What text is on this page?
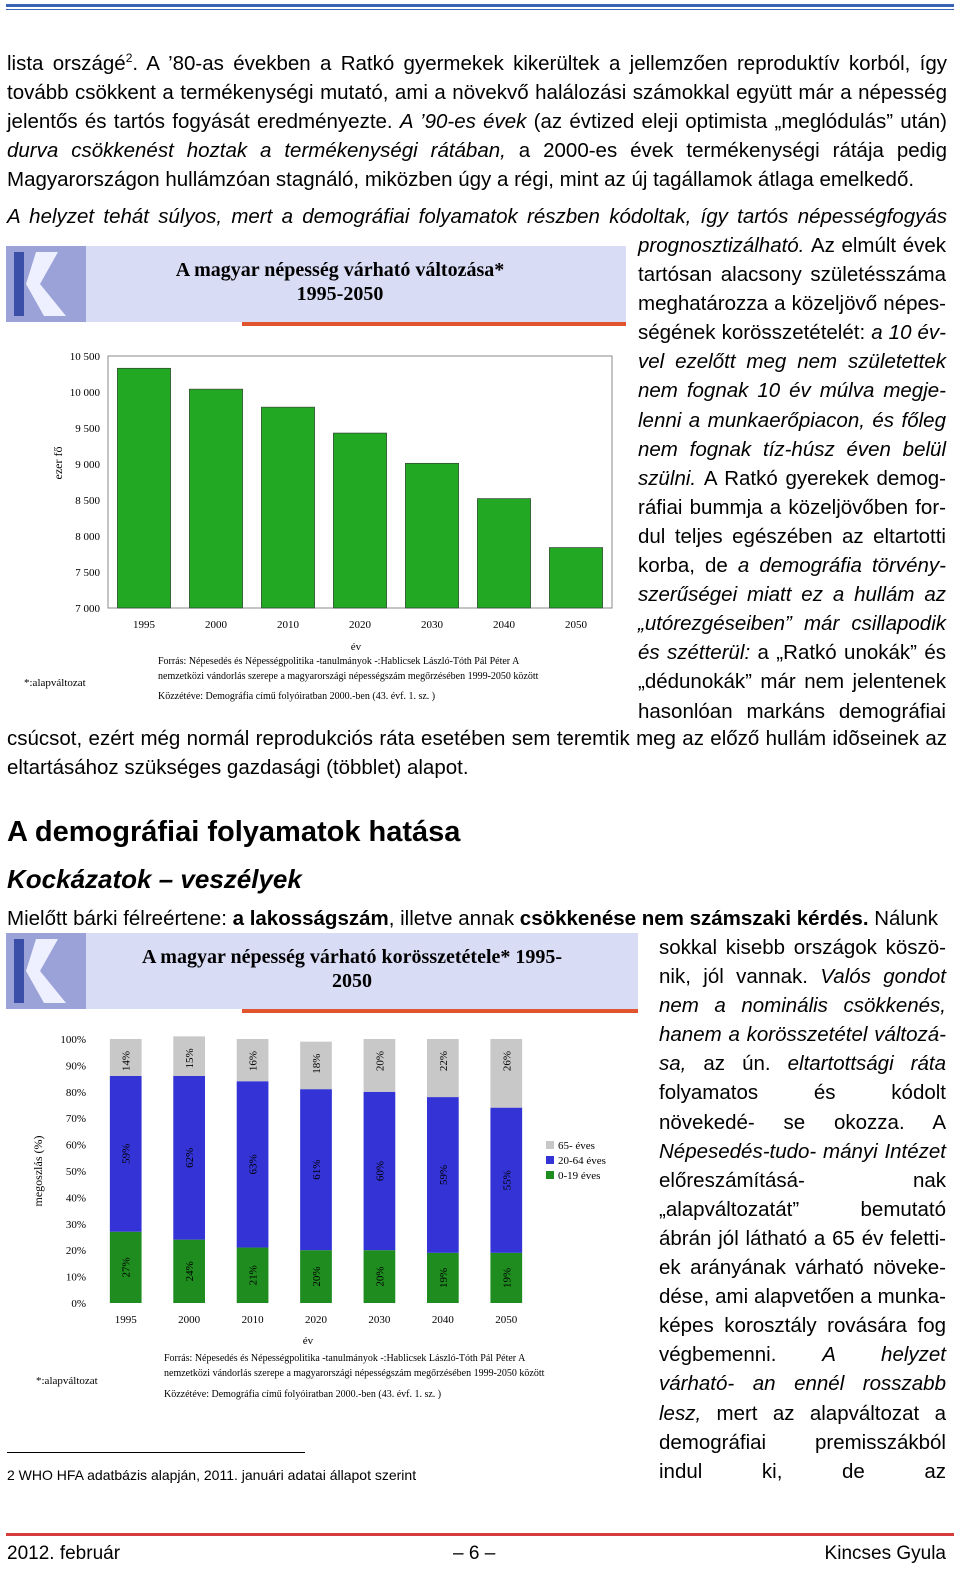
lista országé$^2$. A ’80-as években a Ratkó gyermekek kikerültek a jellemzően reproduktív korból, így tovább csökkent a termékenységi mutató, ami a növekvő halálozási számokkal együtt már a népesség jelentős és tartós fogyását eredményezte. A ’90-es évek (az évtized eleji optimista „meglódulás” után) durva csökkenést hoztak a termékenységi rátában, a 2000-es évek termékenységi rátája pedig Magyarországon hullámzóan stagnáló, miközben úgy a régi, mint az új tagállamok átlaga emelkedő.

A helyzet tehát súlyos, mert a demográfiai folyamatok részben kódoltak, így tartós népességfogyás

prognosztizálható. Az elmúlt évek tartósan alacsony születésszáma meghatározza a közeljövő népes- ségének korösszetételét: a 10 év- vel ezelőtt meg nem születettek nem fognak 10 év múlva megje- lenni a munkaerőpiacon, és főleg nem fognak tíz-húsz éven belül szülni. A Ratkó gyerekek demog- ráfiai bummja a közeljövőben for- dul teljes egészében az eltartotti korba, de a demográfia törvény- szerűségei miatt ez a hullám az „utórezgéseiben” már csillapodik és szétterül: a „Ratkó unokák” és „dédunokák” már nem jelentenek hasonlóan markáns demográfiai

A magyar népesség várható változása*
1995-2050
7 000
7 500
8 000
8 500
9 000
9 500
10 000
10 500
1995	2000	2010	2020	2030	2040	2050
év
ezer fő
*:alapváltozat
Forrás: Népesedés és Népességpolitika -tanulmányok -:Hablicsek László-Tóth Pál Péter A
nemzetközi vándorlás szerepe a magyarországi népességszám megőrzésében 1999-2050 között
Közzétéve: Demográfia című folyóiratban 2000.-ben (43. évf. 1. sz. )

csúcsot, ezért még normál reprodukciós ráta esetében sem teremtik meg az előző hullám idõseinek az eltartásához szükséges gazdasági (többlet) alapot.

A demográfiai folyamatok hatása
Kockázatok – veszélyek

Mielőtt bárki félreértene: a lakosságszám, illetve annak csökkenése nem számszaki kérdés. Nálunk

sokkal kisebb országok köszö- nik, jól vannak. Valós gondot nem a nominális csökkenés, hanem a korösszetétel változá- sa, az ún. eltartottsági ráta folyamatos és kódolt növekedé- se okozza. A Népesedés-tudo- mányi Intézet előreszámításá- nak „alapváltozatát” bemutató ábrán jól látható a 65 év feletti- ek arányának várható növeke- dése, ami alapvetően a munka- képes korosztály rovására fog végbemenni. A helyzet várható- an ennél rosszabb lesz, mert az alapváltozat a demográfiai premisszákból indul ki, de az

A magyar népesség várható korösszetétele* 1995-
2050
0%
10%
20%
30%
40%
50%
60%
70%
80%
90%
100%
27%
59%
14%
1995
24%
62%
15%
2000
21%
63%
16%
2010
20%
61%
18%
2020
20%
60%
20%
2030
19%
59%
22%
2040
19%
55%
26%
2050
65- éves
20-64 éves
0-19 éves
év
megoszlás (%)
*:alapváltozat
Forrás: Népesedés és Népességpolitika -tanulmányok -:Hablicsek László-Tóth Pál Péter A
nemzetközi vándorlás szerepe a magyarországi népességszám megőrzésében 1999-2050 között
Közzétéve: Demográfia című folyóiratban 2000.-ben (43. évf. 1. sz. )
2 WHO HFA adatbázis alapján, 2011. januári adatai állapot szerint
2012. február	– 6 –	Kincses Gyula
